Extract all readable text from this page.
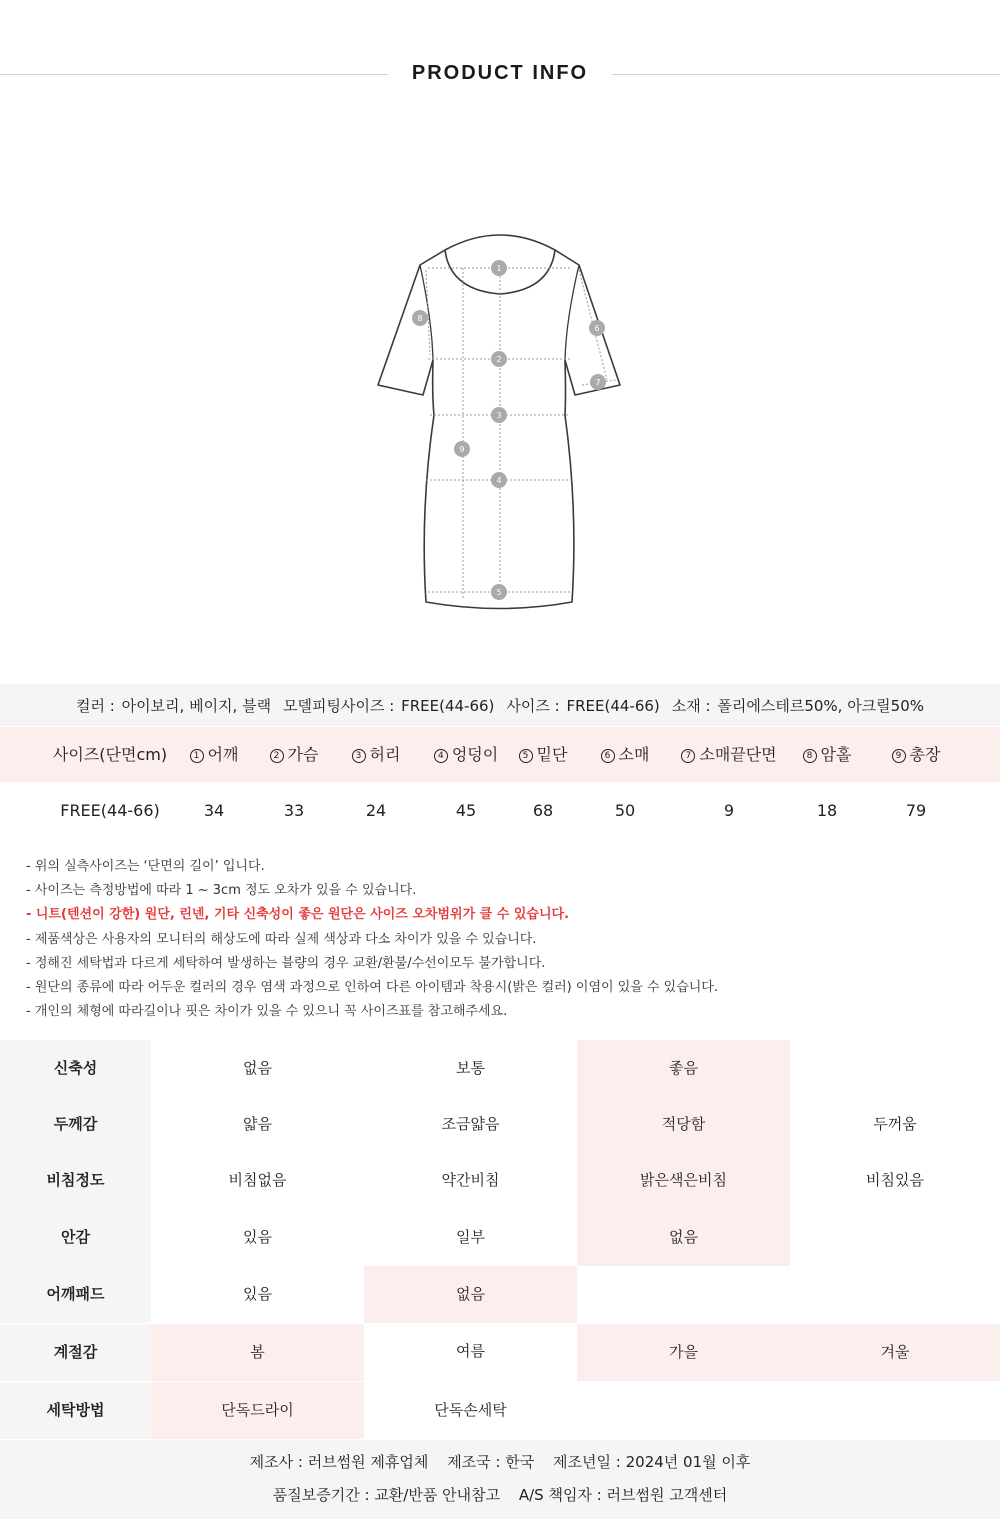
PRODUCT INFO
1
2
3
4
5
6
7
8
9
컬러 : 아이보리, 베이지, 블랙 모델피팅사이즈 : FREE(44-66) 사이즈 : FREE(44-66) 소재 : 폴리에스테르50%, 아크릴50%
사이즈(단면cm)	1 어깨	2 가슴	3 허리	4 엉덩이	5 밑단	6 소매	7 소매끝단면	8 암홀	9 총장
FREE(44-66)	34	33	24	45	68	50	9	18	79
- 위의 실측사이즈는 ‘단면의 길이’ 입니다.
- 사이즈는 측정방법에 따라 1 ~ 3cm 정도 오차가 있을 수 있습니다.
- 니트(텐션이 강한) 원단, 린넨, 기타 신축성이 좋은 원단은 사이즈 오차범위가 클 수 있습니다.
- 제품색상은 사용자의 모니터의 해상도에 따라 실제 색상과 다소 차이가 있을 수 있습니다.
- 정해진 세탁법과 다르게 세탁하여 발생하는 블량의 경우 교환/환불/수선이모두 불가합니다.
- 원단의 종류에 따라 어두운 컬러의 경우 염색 과정으로 인하여 다른 아이템과 착용시(밝은 컬러) 이염이 있을 수 있습니다.
- 개인의 체형에 따라길이나 핏은 차이가 있을 수 있으니 꼭 사이즈표를 참고해주세요.
신축성	없음	보통	좋음
두께감	얇음	조금얇음	적당함	두꺼움
비침정도	비침없음	약간비침	밝은색은비침	비침있음
안감	있음	일부	없음
어깨패드	있음	없음
계절감	봄	여름	가을	겨울
세탁방법	단독드라이	단독손세탁
제조사 : 러브썸원 제휴업체 제조국 : 한국 제조년일 : 2024년 01월 이후
품질보증기간 : 교환/반품 안내참고 A/S 책임자 : 러브썸원 고객센터
